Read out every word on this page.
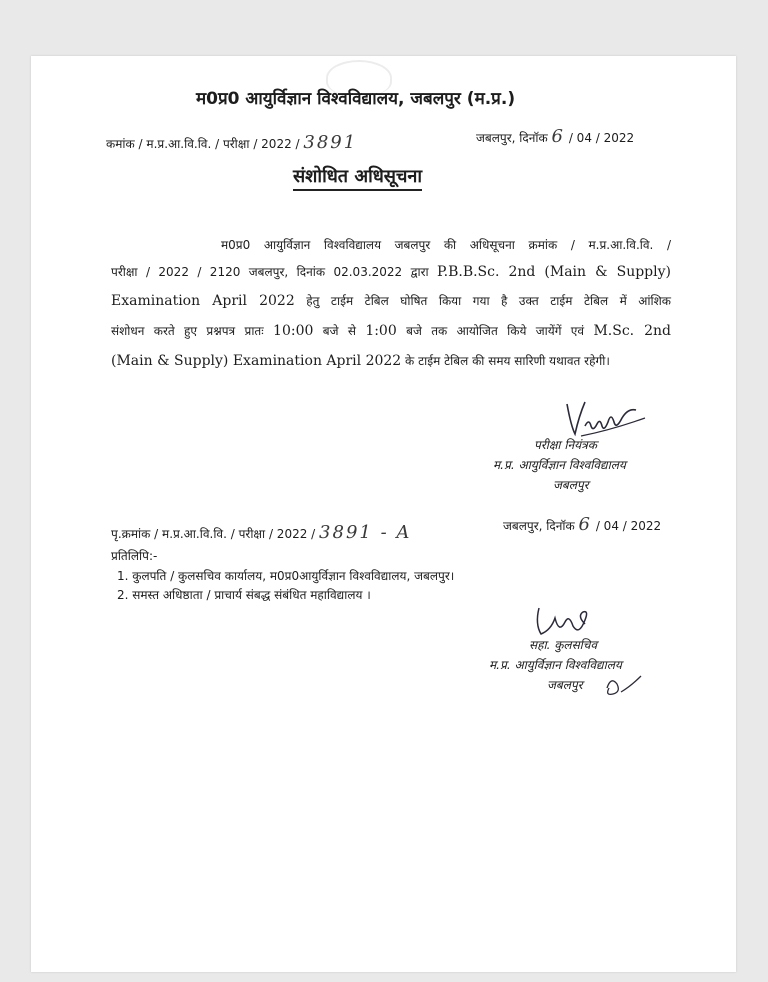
म0प्र0 आयुर्विज्ञान विश्वविद्यालय, जबलपुर (म.प्र.)
कमांक / म.प्र.आ.वि.वि. / परीक्षा / 2022 / 3891	जबलपुर, दिनॉक 6 / 04 / 2022
संशोधित अधिसूचना
म0प्र0 आयुर्विज्ञान विश्वविद्यालय जबलपुर की अधिसूचना क्रमांक / म.प्र.आ.वि.वि. /
परीक्षा / 2022 / 2120 जबलपुर, दिनांक 02.03.2022 द्वारा P.B.B.Sc. 2nd (Main & Supply)
Examination April 2022 हेतु टाईम टेबिल घोषित किया गया है उक्त टाईम टेबिल में आंशिक
संशोधन करते हुए प्रश्नपत्र प्रातः 10:00 बजे से 1:00 बजे तक आयोजित किये जायेंगें एवं M.Sc. 2nd
(Main & Supply) Examination April 2022 के टाईम टेबिल की समय सारिणी यथावत रहेगी।
परीक्षा नियंत्रक
म.प्र. आयुर्विज्ञान विश्वविद्यालय
जबलपुर
पृ.क्रमांक / म.प्र.आ.वि.वि. / परीक्षा / 2022 / 3891 - A	जबलपुर, दिनॉक 6 / 04 / 2022
प्रतिलिपि:-
1. कुलपति / कुलसचिव कार्यालय, म0प्र0आयुर्विज्ञान विश्वविद्यालय, जबलपुर।
2. समस्त अधिष्ठाता / प्राचार्य संबद्ध संबंधित महाविद्यालय ।
सहा. कुलसचिव
म.प्र. आयुर्विज्ञान विश्वविद्यालय
जबलपुर
